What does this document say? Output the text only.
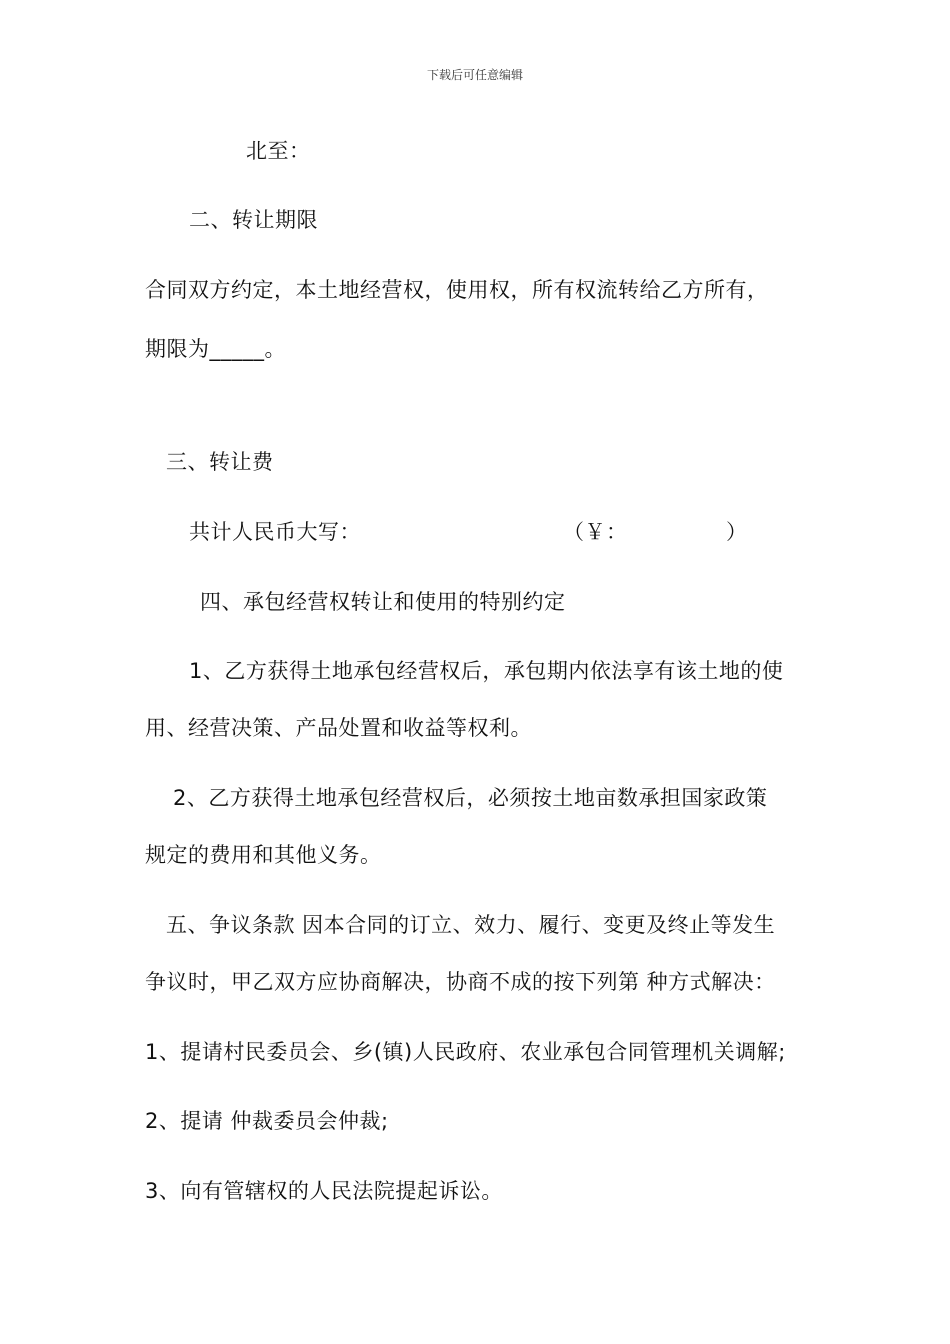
下载后可任意编辑
北至：
二、转让期限
合同双方约定，本土地经营权，使用权，所有权流转给乙方所有，
期限为_____。
三、转让费
共计人民币大写：	（￥：	）
四、承包经营权转让和使用的特别约定
1、乙方获得土地承包经营权后，承包期内依法享有该土地的使
用、经营决策、产品处置和收益等权利。
2、乙方获得土地承包经营权后，必须按土地亩数承担国家政策
规定的费用和其他义务。
五、争议条款 因本合同的订立、效力、履行、变更及终止等发生
争议时，甲乙双方应协商解决，协商不成的按下列第 种方式解决：
1、提请村民委员会、乡(镇)人民政府、农业承包合同管理机关调解;
2、提请 仲裁委员会仲裁;
3、向有管辖权的人民法院提起诉讼。
